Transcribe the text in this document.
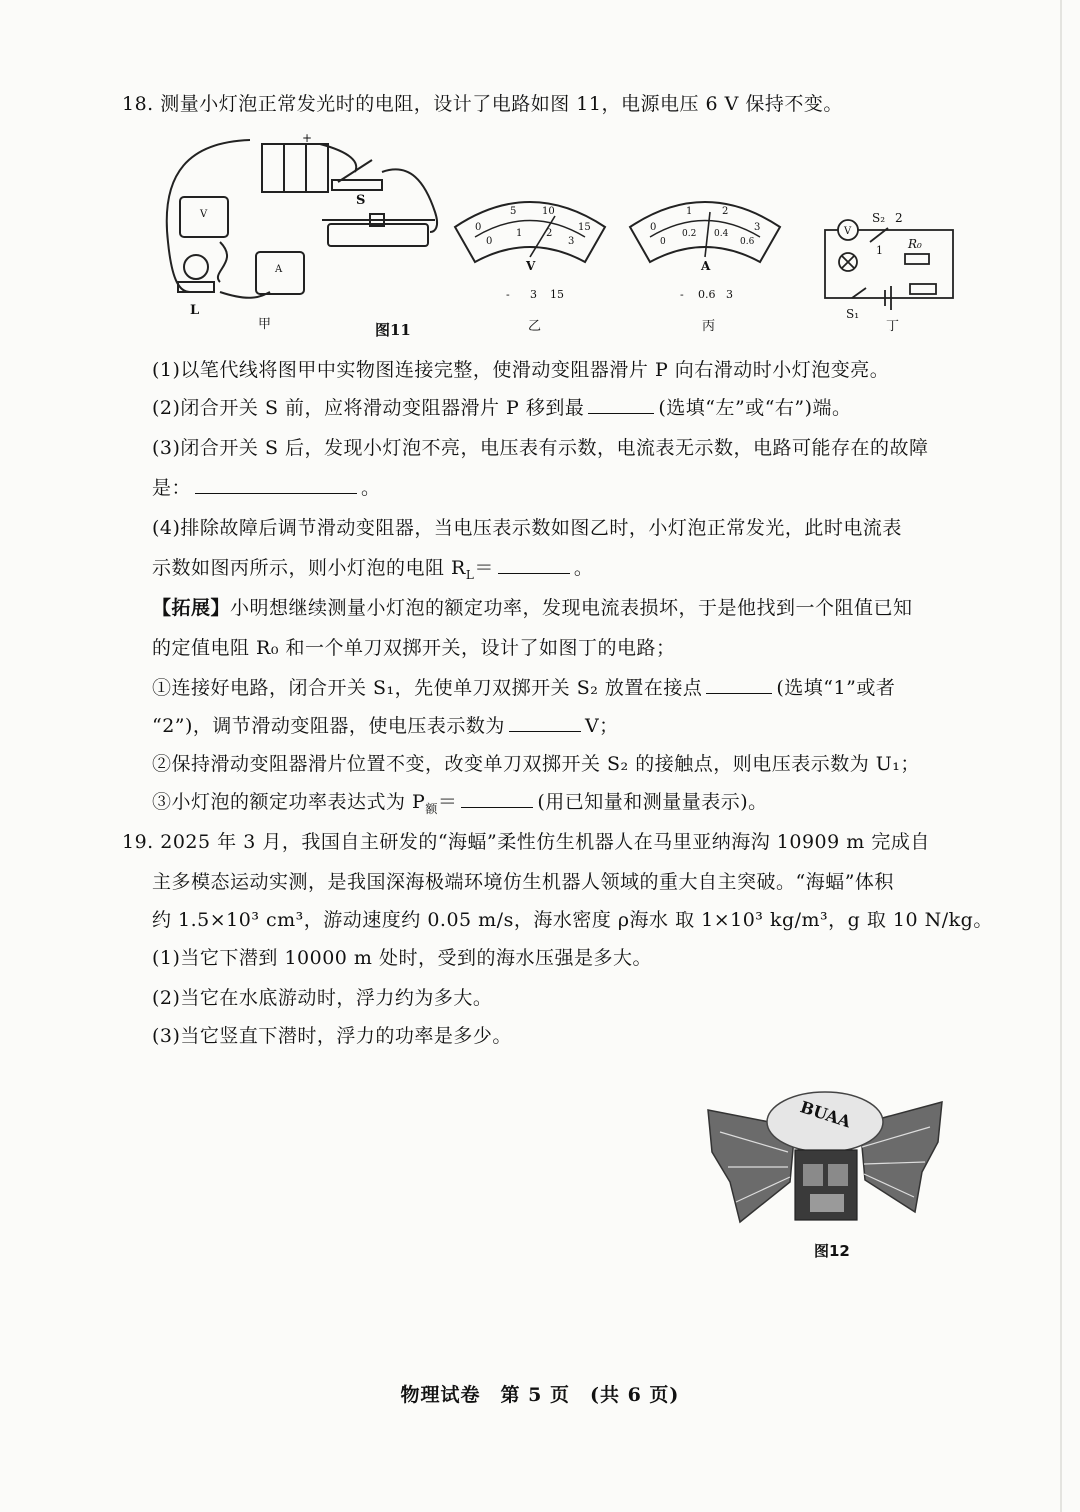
18. 测量小灯泡正常发光时的电阻，设计了电路如图 11，电源电压 6 V 保持不变。
+
S
V
A
L
甲	图11
0
5	10
15
0
1 2
3
V
- 3 15
乙
0
1	2
3
0
0.2 0.4
0.6
A
- 0.6 3
丙
V
S₂ 2
1 R₀
S₁
丁
(1)以笔代线将图甲中实物图连接完整，使滑动变阻器滑片 P 向右滑动时小灯泡变亮。
(2)闭合开关 S 前，应将滑动变阻器滑片 P 移到最	(选填“左”或“右”)端。
(3)闭合开关 S 后，发现小灯泡不亮，电压表有示数，电流表无示数，电路可能存在的故障
是：	。
(4)排除故障后调节滑动变阻器，当电压表示数如图乙时，小灯泡正常发光，此时电流表
示数如图丙所示，则小灯泡的电阻 $R_L=$	。
【拓展】小明想继续测量小灯泡的额定功率，发现电流表损坏，于是他找到一个阻值已知
的定值电阻 R₀ 和一个单刀双掷开关，设计了如图丁的电路；
①连接好电路，闭合开关 S₁，先使单刀双掷开关 S₂ 放置在接点	(选填“1”或者
“2”)，调节滑动变阻器，使电压表示数为	V；
②保持滑动变阻器滑片位置不变，改变单刀双掷开关 S₂ 的接触点，则电压表示数为 U₁；
③小灯泡的额定功率表达式为 $P_额=$	(用已知量和测量量表示)。
19. 2025 年 3 月，我国自主研发的“海蝠”柔性仿生机器人在马里亚纳海沟 10909 m 完成自
主多模态运动实测，是我国深海极端环境仿生机器人领域的重大自主突破。“海蝠”体积
约 1.5×10³ cm³，游动速度约 0.05 m/s，海水密度 ρ海水 取 1×10³ kg/m³，g 取 10 N/kg。
(1)当它下潜到 10000 m 处时，受到的海水压强是多大。
(2)当它在水底游动时，浮力约为多大。
(3)当它竖直下潜时，浮力的功率是多少。
BUAA
图12
物理试卷　第 5 页　(共 6 页)
